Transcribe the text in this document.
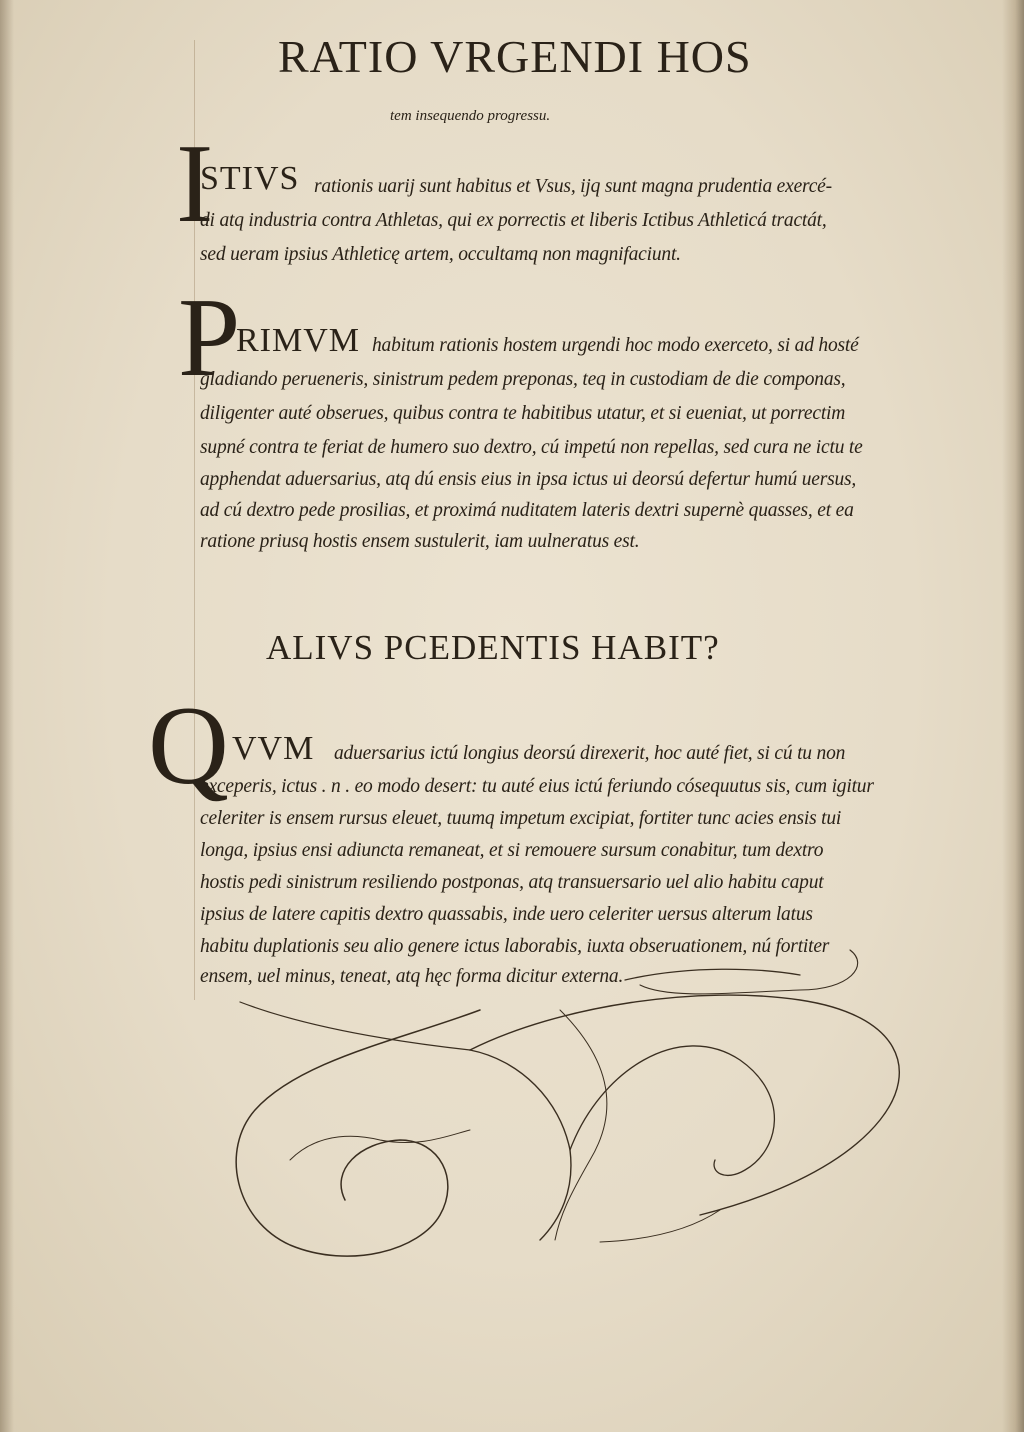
RATIO VRGENDI HOS
tem insequendo progressu.
I
STIVS rationis uarij sunt habitus et Vsus, ijq sunt magna prudentia exercé-
di atq industria contra Athletas, qui ex porrectis et liberis Ictibus Athleticá tractát,
sed ueram ipsius Athleticę artem, occultamq non magnifaciunt.
P
RIMVM habitum rationis hostem urgendi hoc modo exerceto, si ad hosté
gladiando perueneris, sinistrum pedem preponas, teq in custodiam de die componas,
diligenter auté obserues, quibus contra te habitibus utatur, et si eueniat, ut porrectim
supné contra te feriat de humero suo dextro, cú impetú non repellas, sed cura ne ictu te
apphendat aduersarius, atq dú ensis eius in ipsa ictus ui deorsú defertur humú uersus,
ad cú dextro pede prosilias, et proximá nuditatem lateris dextri supernè quasses, et ea
ratione priusq hostis ensem sustulerit, iam uulneratus est.
ALIVS PCEDENTIS HABIT?
Q VVM aduersarius ictú longius deorsú direxerit, hoc auté fiet, si cú tu non
exceperis, ictus . n . eo modo desert: tu auté eius ictú feriundo cósequutus sis, cum igitur
celeriter is ensem rursus eleuet, tuumq impetum excipiat, fortiter tunc acies ensis tui
longa, ipsius ensi adiuncta remaneat, et si remouere sursum conabitur, tum dextro
hostis pedi sinistrum resiliendo postponas, atq transuersario uel alio habitu caput
ipsius de latere capitis dextro quassabis, inde uero celeriter uersus alterum latus
habitu duplationis seu alio genere ictus laborabis, iuxta obseruationem, nú fortiter
ensem, uel minus, teneat, atq hęc forma dicitur externa.
